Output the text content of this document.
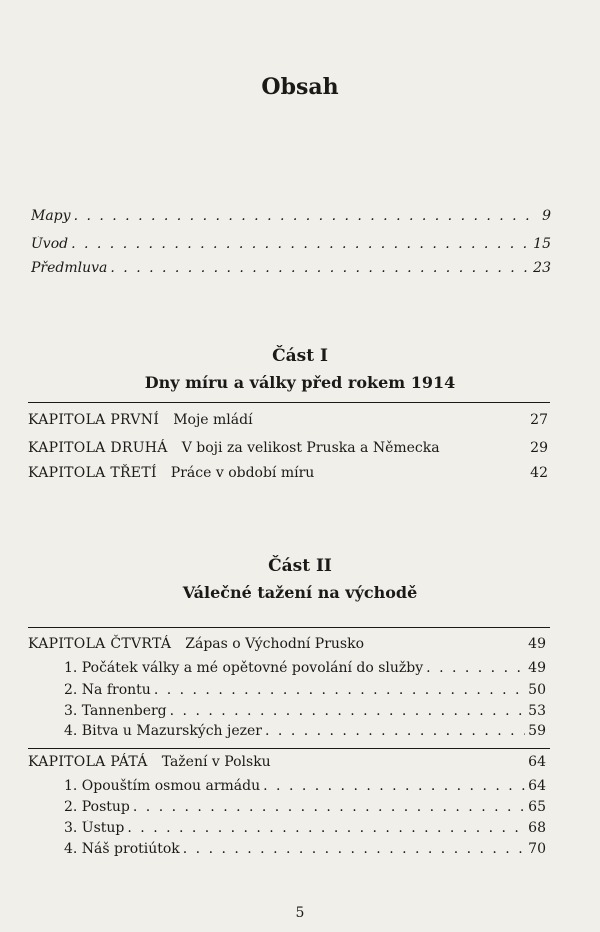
Obsah
Mapy . . .	9
Úvod . . .	15
Předmluva . . .	23
Část I
Dny míru a války před rokem 1914
KAPITOLA PRVNÍ Moje mládí	27
KAPITOLA DRUHÁ V boji za velikost Pruska a Německa	29
KAPITOLA TŘETÍ Práce v období míru	42
Část II
Válečné tažení na východě
KAPITOLA ČTVRTÁ Zápas o Východní Prusko	49
1. Počátek války a mé opětovné povolání do služby . . .	49
2. Na frontu . . .	50
3. Tannenberg . . .	53
4. Bitva u Mazurských jezer . . .	59
KAPITOLA PÁTÁ Tažení v Polsku	64
1. Opouštím osmou armádu . . .	64
2. Postup . . .	65
3. Ústup . . .	68
4. Náš protiútok . . .	70
5
